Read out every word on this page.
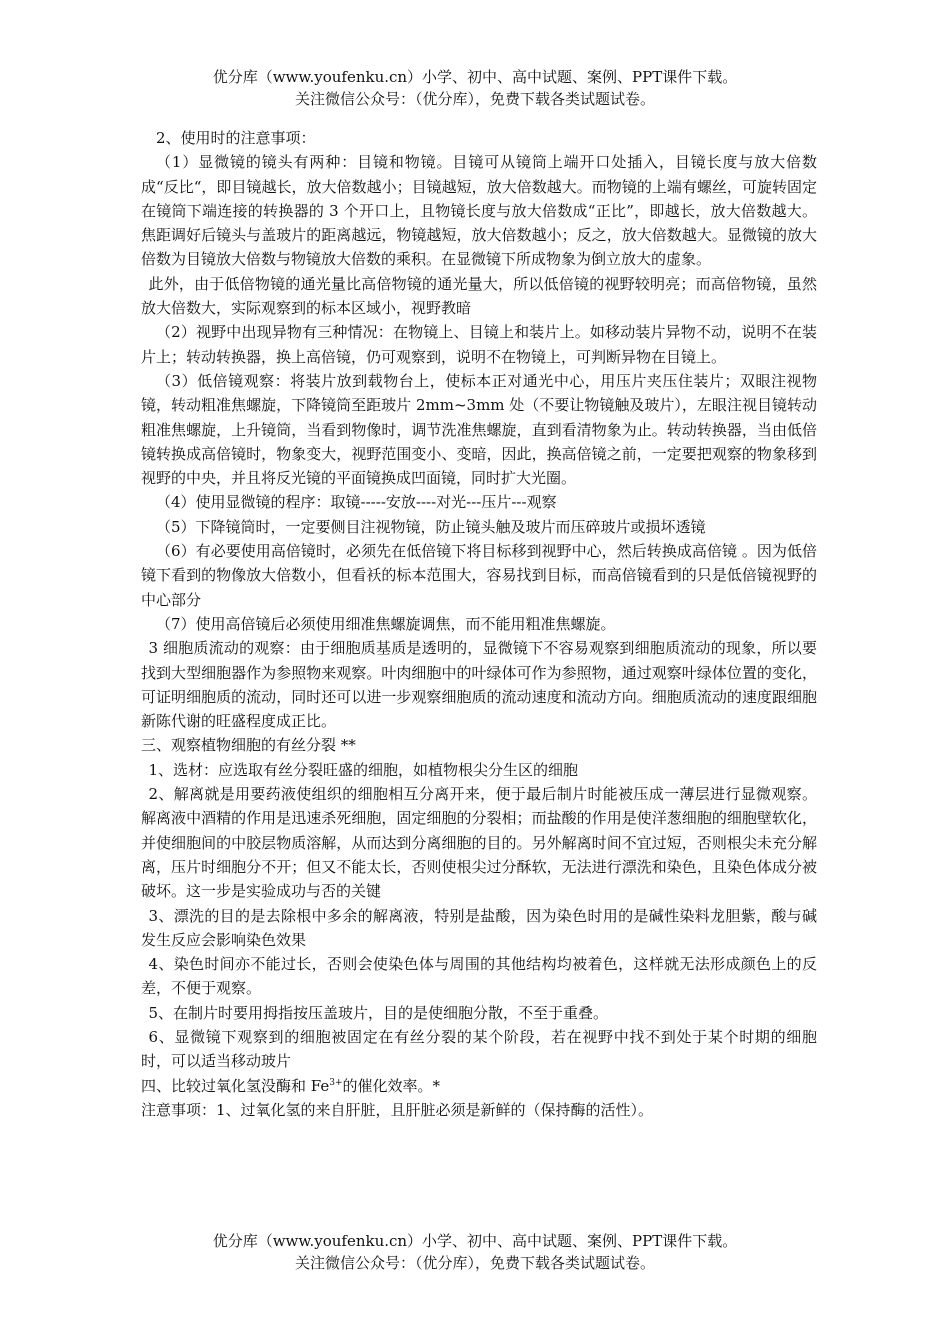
优分库（www.youfenku.cn）小学、初中、高中试题、案例、PPT课件下载。
关注微信公众号：（优分库），免费下载各类试题试卷。

2、使用时的注意事项：

（1）显微镜的镜头有两种：目镜和物镜。目镜可从镜筒上端开口处插入，目镜长度与放大倍数成“反比“，即目镜越长，放大倍数越小；目镜越短，放大倍数越大。而物镜的上端有螺丝，可旋转固定在镜筒下端连接的转换器的 3 个开口上，且物镜长度与放大倍数成“正比”，即越长，放大倍数越大。焦距调好后镜头与盖玻片的距离越远，物镜越短，放大倍数越小；反之，放大倍数越大。显微镜的放大倍数为目镜放大倍数与物镜放大倍数的乘积。在显微镜下所成物象为倒立放大的虚象。

此外，由于低倍物镜的通光量比高倍物镜的通光量大，所以低倍镜的视野较明亮；而高倍物镜，虽然放大倍数大，实际观察到的标本区域小，视野教暗

（2）视野中出现异物有三种情况：在物镜上、目镜上和装片上。如移动装片异物不动，说明不在装片上；转动转换器，换上高倍镜，仍可观察到，说明不在物镜上，可判断异物在目镜上。

（3）低倍镜观察：将装片放到载物台上，使标本正对通光中心，用压片夹压住装片；双眼注视物镜，转动粗准焦螺旋，下降镜筒至距玻片 2mm~3mm 处（不要让物镜触及玻片），左眼注视目镜转动粗准焦螺旋，上升镜筒，当看到物像时，调节洗准焦螺旋，直到看清物象为止。转动转换器，当由低倍镜转换成高倍镜时，物象变大，视野范围变小、变暗，因此，换高倍镜之前，一定要把观察的物象移到视野的中央，并且将反光镜的平面镜换成凹面镜，同时扩大光圈。

（4）使用显微镜的程序：取镜-----安放----对光---压片---观察

（5）下降镜筒时，一定要侧目注视物镜，防止镜头触及玻片而压碎玻片或损坏透镜

（6）有必要使用高倍镜时，必须先在低倍镜下将目标移到视野中心，然后转换成高倍镜 。因为低倍镜下看到的物像放大倍数小，但看袄的标本范围大，容易找到目标，而高倍镜看到的只是低倍镜视野的中心部分

（7）使用高倍镜后必须使用细准焦螺旋调焦，而不能用粗准焦螺旋。

3 细胞质流动的观察：由于细胞质基质是透明的，显微镜下不容易观察到细胞质流动的现象，所以要找到大型细胞器作为参照物来观察。叶肉细胞中的叶绿体可作为参照物，通过观察叶绿体位置的变化，可证明细胞质的流动，同时还可以进一步观察细胞质的流动速度和流动方向。细胞质流动的速度跟细胞新陈代谢的旺盛程度成正比。

三、观察植物细胞的有丝分裂 **

1、选材：应选取有丝分裂旺盛的细胞，如植物根尖分生区的细胞

2、解离就是用要药液使组织的细胞相互分离开来，便于最后制片时能被压成一薄层进行显微观察。解离液中酒精的作用是迅速杀死细胞，固定细胞的分裂相；而盐酸的作用是使洋葱细胞的细胞壁软化，并使细胞间的中胶层物质溶解，从而达到分离细胞的目的。另外解离时间不宜过短，否则根尖未充分解离，压片时细胞分不开；但又不能太长，否则使根尖过分酥软，无法进行漂洗和染色，且染色体成分被破坏。这一步是实验成功与否的关键

3、漂洗的目的是去除根中多余的解离液，特别是盐酸，因为染色时用的是碱性染料龙胆紫，酸与碱发生反应会影响染色效果

4、染色时间亦不能过长，否则会使染色体与周围的其他结构均被着色，这样就无法形成颜色上的反差，不便于观察。

5、在制片时要用拇指按压盖玻片，目的是使细胞分散，不至于重叠。

6、显微镜下观察到的细胞被固定在有丝分裂的某个阶段，若在视野中找不到处于某个时期的细胞时，可以适当移动玻片

四、比较过氧化氢没酶和 $Fe^{3+}$的催化效率。*

注意事项：1、过氧化氢的来自肝脏，且肝脏必须是新鲜的（保持酶的活性）。

优分库（www.youfenku.cn）小学、初中、高中试题、案例、PPT课件下载。
关注微信公众号：（优分库），免费下载各类试题试卷。
